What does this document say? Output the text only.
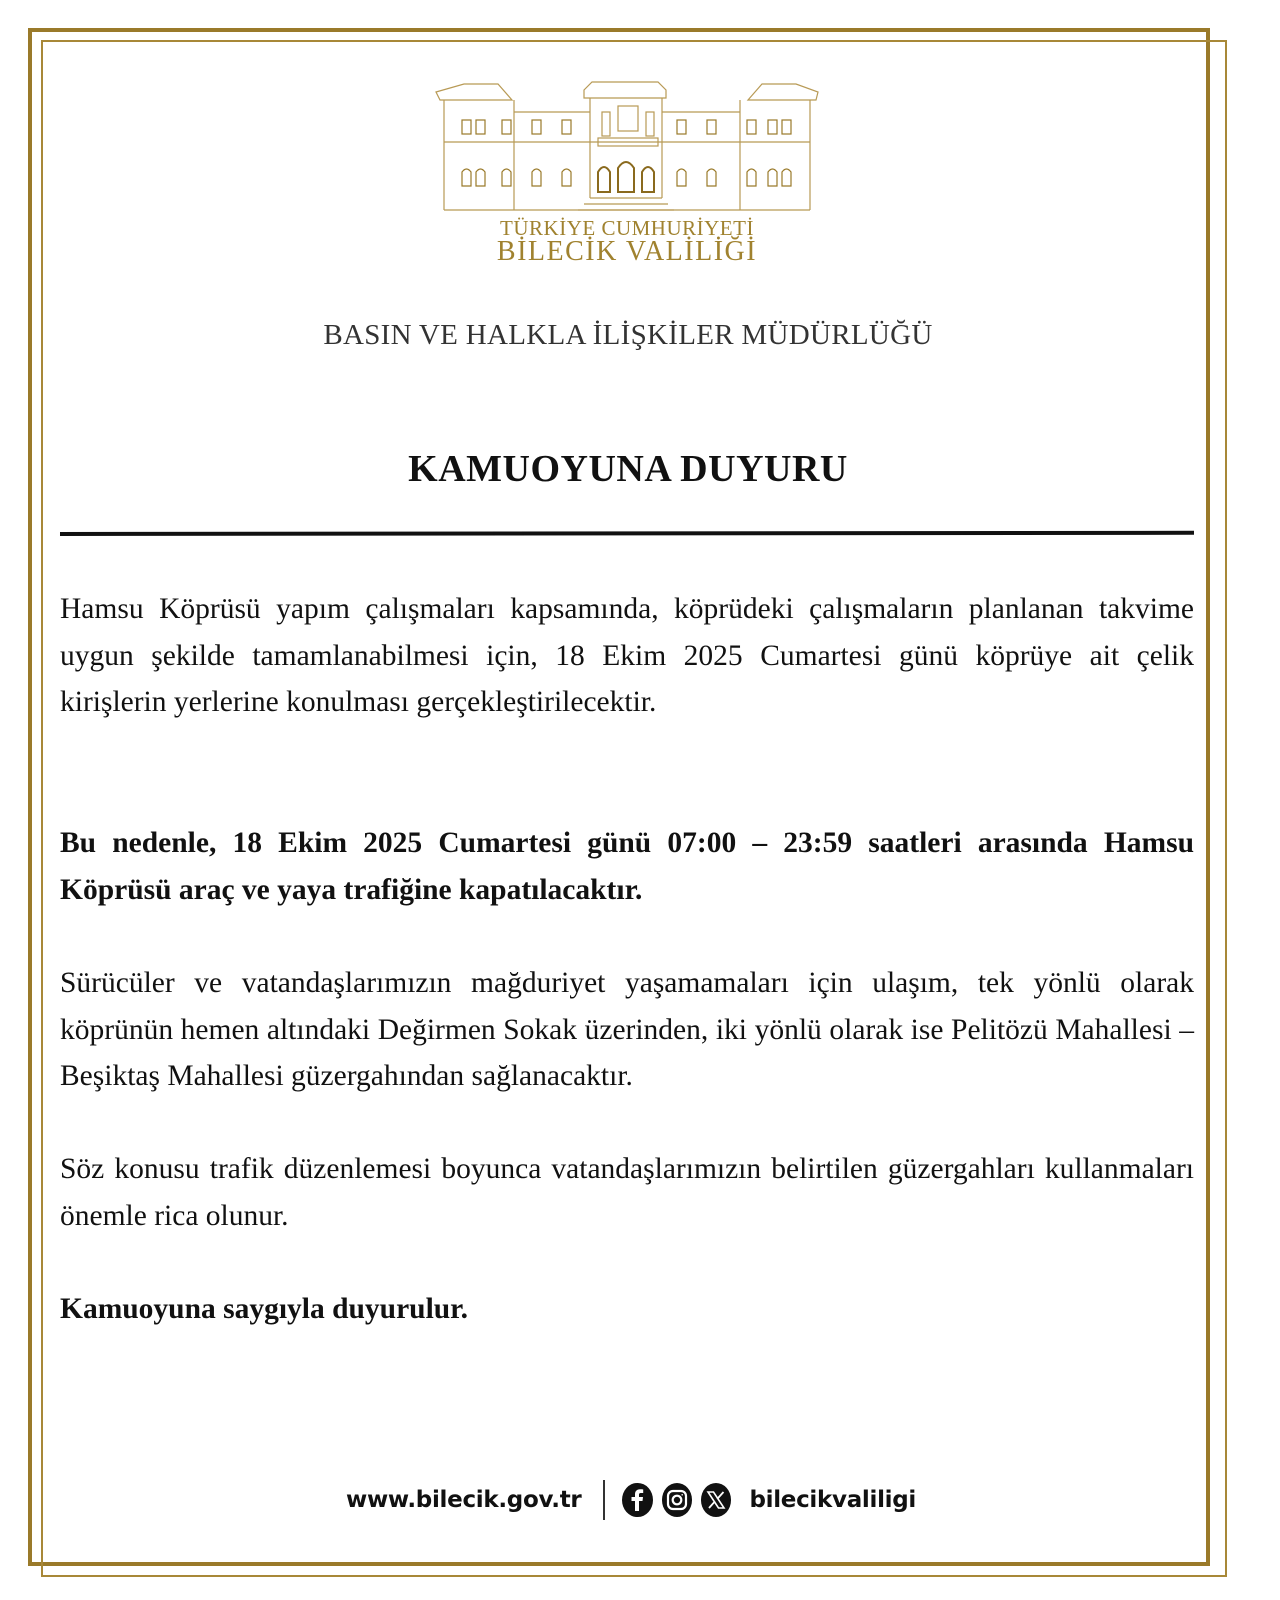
TÜRKİYE CUMHURİYETİ
BİLECİK VALİLİĞİ
BASIN VE HALKLA İLİŞKİLER MÜDÜRLÜĞÜ
KAMUOYUNA DUYURU
Hamsu Köprüsü yapım çalışmaları kapsamında, köprüdeki çalışmaların planlanan takvime uygun şekilde tamamlanabilmesi için, 18 Ekim 2025 Cumartesi günü köprüye ait çelik kirişlerin yerlerine konulması gerçekleştirilecektir.
Bu nedenle, 18 Ekim 2025 Cumartesi günü 07:00 – 23:59 saatleri arasında Hamsu Köprüsü araç ve yaya trafiğine kapatılacaktır.
Sürücüler ve vatandaşlarımızın mağduriyet yaşamamaları için ulaşım, tek yönlü olarak köprünün hemen altındaki Değirmen Sokak üzerinden, iki yönlü olarak ise Pelitözü Mahallesi – Beşiktaş Mahallesi güzergahından sağlanacaktır.
Söz konusu trafik düzenlemesi boyunca vatandaşlarımızın belirtilen güzergahları kullanmaları önemle rica olunur.
Kamuoyuna saygıyla duyurulur.
www.bilecik.gov.tr	bilecikvaliligi
